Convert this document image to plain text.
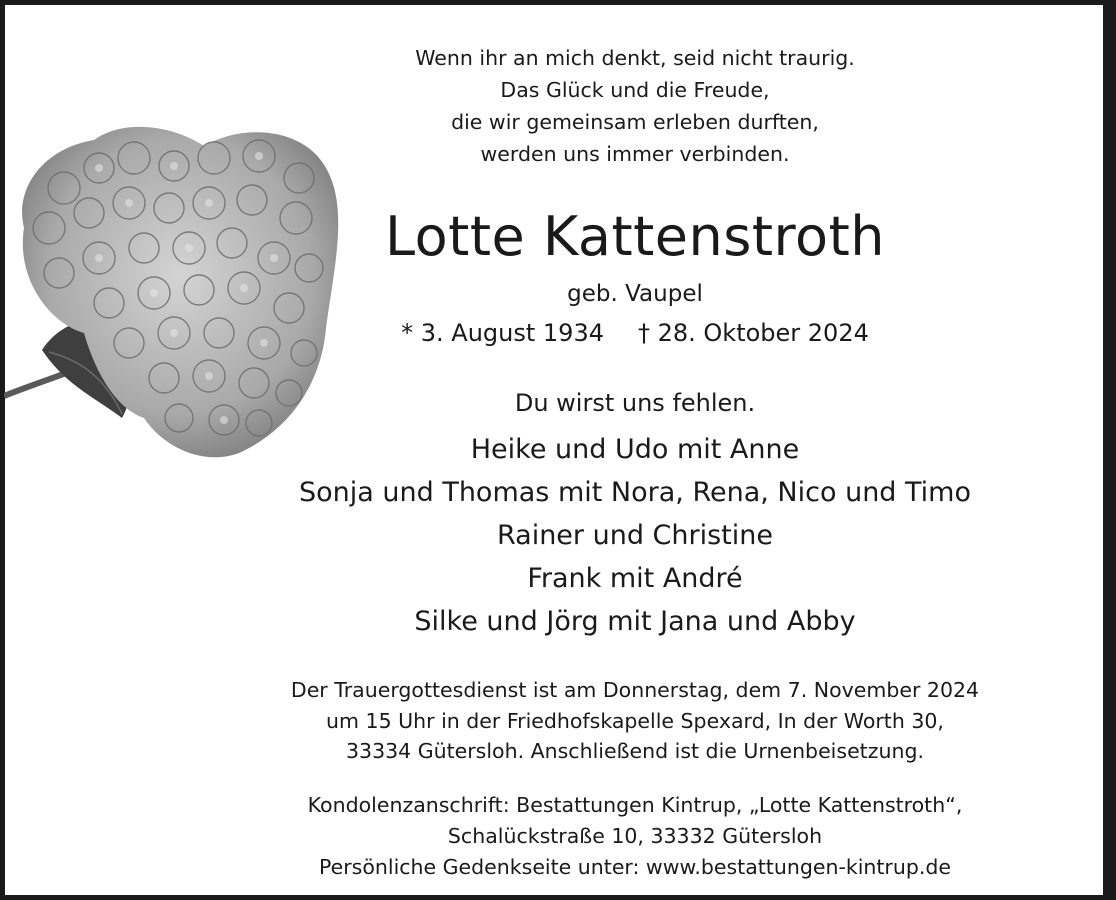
Wenn ihr an mich denkt, seid nicht traurig.
Das Glück und die Freude,
die wir gemeinsam erleben durften,
werden uns immer verbinden.
Lotte Kattenstroth
geb. Vaupel
* 3. August 1934 † 28. Oktober 2024
Du wirst uns fehlen.
Heike und Udo mit Anne
Sonja und Thomas mit Nora, Rena, Nico und Timo
Rainer und Christine
Frank mit André
Silke und Jörg mit Jana und Abby
Der Trauergottesdienst ist am Donnerstag, dem 7. November 2024
um 15 Uhr in der Friedhofskapelle Spexard, In der Worth 30,
33334 Gütersloh. Anschließend ist die Urnenbeisetzung.
Kondolenzanschrift: Bestattungen Kintrup, „Lotte Kattenstroth“,
Schalückstraße 10, 33332 Gütersloh
Persönliche Gedenkseite unter: www.bestattungen-kintrup.de
